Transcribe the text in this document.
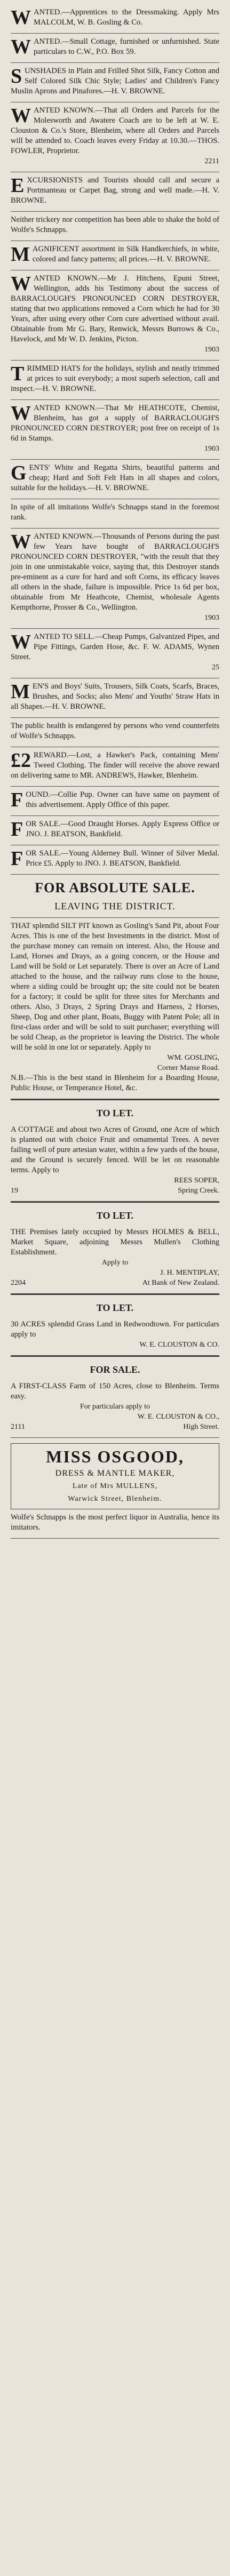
WANTED.—Apprentices to the Dressmaking. Apply Mrs MALCOLM, W. B. Gosling & Co.

WANTED.—Small Cottage, furnished or unfurnished. State particulars to C.W., P.O. Box 59.

SUNSHADES in Plain and Frilled Shot Silk, Fancy Cotton and Self Colored Silk Chic Style; Ladies' and Children's Fancy Muslin Aprons and Pinafores.—H. V. BROWNE.

WANTED KNOWN.—That all Orders and Parcels for the Molesworth and Awatere Coach are to be left at W. E. Clouston & Co.'s Store, Blenheim, where all Orders and Parcels will be attended to. Coach leaves every Friday at 10.30.—THOS. FOWLER, Proprietor.

2211

EXCURSIONISTS and Tourists should call and secure a Portmanteau or Carpet Bag, strong and well made.—H. V. BROWNE.

Neither trickery nor competition has been able to shake the hold of Wolfe's Schnapps.

MAGNIFICENT assortment in Silk Handkerchiefs, in white, colored and fancy patterns; all prices.—H. V. BROWNE.

WANTED KNOWN.—Mr J. Hitchens, Epuni Street, Wellington, adds his Testimony about the success of BARRACLOUGH'S PRONOUNCED CORN DESTROYER, stating that two applications removed a Corn which he had for 30 Years, after using every other Corn cure advertised without avail. Obtainable from Mr G. Bary, Renwick, Messrs Burrows & Co., Havelock, and Mr W. D. Jenkins, Picton.

1903

TRIMMED HATS for the holidays, stylish and neatly trimmed at prices to suit everybody; a most superb selection, call and inspect.—H. V. BROWNE.

WANTED KNOWN.—That Mr HEATHCOTE, Chemist, Blenheim, has got a supply of BARRACLOUGH'S PRONOUNCED CORN DESTROYER; post free on receipt of 1s 6d in Stamps.

1903

GENTS' White and Regatta Shirts, beautiful patterns and cheap; Hard and Soft Felt Hats in all shapes and colors, suitable for the holidays.—H. V. BROWNE.

In spite of all imitations Wolfe's Schnapps stand in the foremost rank.

WANTED KNOWN.—Thousands of Persons during the past few Years have bought of BARRACLOUGH'S PRONOUNCED CORN DESTROYER, "with the result that they join in one unmistakable voice, saying that, this Destroyer stands pre-eminent as a cure for hard and soft Corns, its efficacy leaves all others in the shade, failure is impossible. Price 1s 6d per box, obtainable from Mr Heathcote, Chemist, wholesale Agents Kempthorne, Prosser & Co., Wellington.

1903

WANTED TO SELL.—Cheap Pumps, Galvanized Pipes, and Pipe Fittings, Garden Hose, &c. F. W. ADAMS, Wynen Street.

25

MEN'S and Boys' Suits, Trousers, Silk Coats, Scarfs, Braces, Brushes, and Socks; also Mens' and Youths' Straw Hats in all Shapes.—H. V. BROWNE.

The public health is endangered by persons who vend counterfeits of Wolfe's Schnapps.

£2 REWARD.—Lost, a Hawker's Pack, containing Mens' Tweed Clothing. The finder will receive the above reward on delivering same to MR. ANDREWS, Hawker, Blenheim.

FOUND.—Collie Pup. Owner can have same on payment of this advertisement. Apply Office of this paper.

FOR SALE.—Good Draught Horses. Apply Express Office or JNO. J. BEATSON, Bankfield.

FOR SALE.—Young Alderney Bull. Winner of Silver Medal. Price £5. Apply to JNO. J. BEATSON, Bankfield.

FOR ABSOLUTE SALE.
LEAVING THE DISTRICT.

THAT splendid SILT PIT known as Gosling's Sand Pit, about Four Acres. This is one of the best Investments in the district. Most of the purchase money can remain on interest. Also, the House and Land, Horses and Drays, as a going concern, or the House and Land will be Sold or Let separately. There is over an Acre of Land attached to the house, and the railway runs close to the house, where a siding could be brought up; the site could not be beaten for a factory; it could be split for three sites for Merchants and others. Also, 3 Drays, 2 Spring Drays and Harness, 2 Horses, Sheep, Dog and other plant, Boats, Buggy with Patent Pole; all in first-class order and will be sold to suit purchaser; everything will be sold Cheap, as the proprietor is leaving the District. The whole will be sold in one lot or separately. Apply to

WM. GOSLING,
Corner Manse Road.

N.B.—This is the best stand in Blenheim for a Boarding House, Public House, or Temperance Hotel, &c.

TO LET.

A COTTAGE and about two Acres of Ground, one Acre of which is planted out with choice Fruit and ornamental Trees. A never failing well of pure artesian water, within a few yards of the house, and the Ground is securely fenced. Will be let on reasonable terms. Apply to

REES SOPER,
19	Spring Creek.
TO LET.

THE Premises lately occupied by Messrs HOLMES & BELL, Market Square, adjoining Messrs Mullen's Clothing Establishment.

Apply to
J. H. MENTIPLAY,
2204	At Bank of New Zealand.
TO LET.

30 ACRES splendid Grass Land in Redwoodtown. For particulars apply to

W. E. CLOUSTON & CO.
FOR SALE.

A FIRST-CLASS Farm of 150 Acres, close to Blenheim. Terms easy.

For particulars apply to
W. E. CLOUSTON & CO.,
2111	High Street.
MISS OSGOOD,
DRESS & MANTLE MAKER,
Late of Mrs MULLENS,
Warwick Street, Blenheim.

Wolfe's Schnapps is the most perfect liquor in Australia, hence its imitators.
